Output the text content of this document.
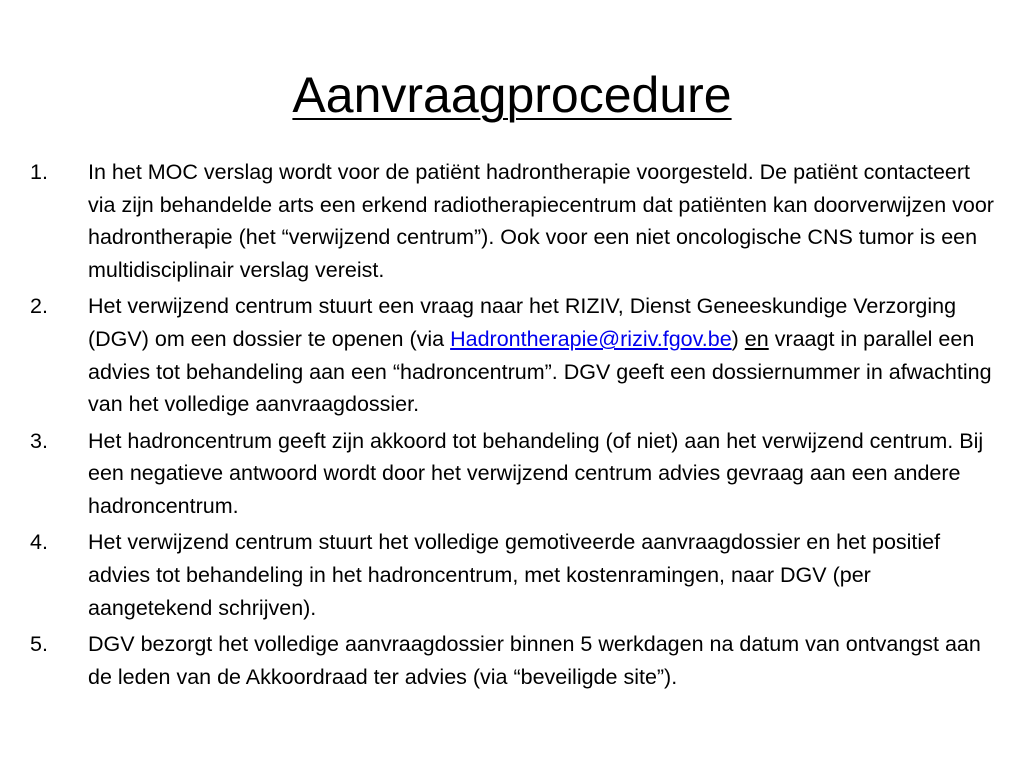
Aanvraagprocedure
1.	In het MOC verslag wordt voor de patiënt hadrontherapie voorgesteld. De patiënt contacteert via zijn behandelde arts een erkend radiotherapiecentrum dat patiënten kan doorverwijzen voor hadrontherapie (het “verwijzend centrum”). Ook voor een niet oncologische CNS tumor is een multidisciplinair verslag vereist.
2.	Het verwijzend centrum stuurt een vraag naar het RIZIV, Dienst Geneeskundige Verzorging (DGV) om een dossier te openen (via Hadrontherapie@riziv.fgov.be) en vraagt in parallel een advies tot behandeling aan een “hadroncentrum”. DGV geeft een dossiernummer in afwachting van het volledige aanvraagdossier.
3.	Het hadroncentrum geeft zijn akkoord tot behandeling (of niet) aan het verwijzend centrum. Bij een negatieve antwoord wordt door het verwijzend centrum advies gevraag aan een andere hadroncentrum.
4.	Het verwijzend centrum stuurt het volledige gemotiveerde aanvraagdossier en het positief advies tot behandeling in het hadroncentrum, met kostenramingen, naar DGV (per aangetekend schrijven).
5.	DGV bezorgt het volledige aanvraagdossier binnen 5 werkdagen na datum van ontvangst aan de leden van de Akkoordraad ter advies (via “beveiligde site”).
